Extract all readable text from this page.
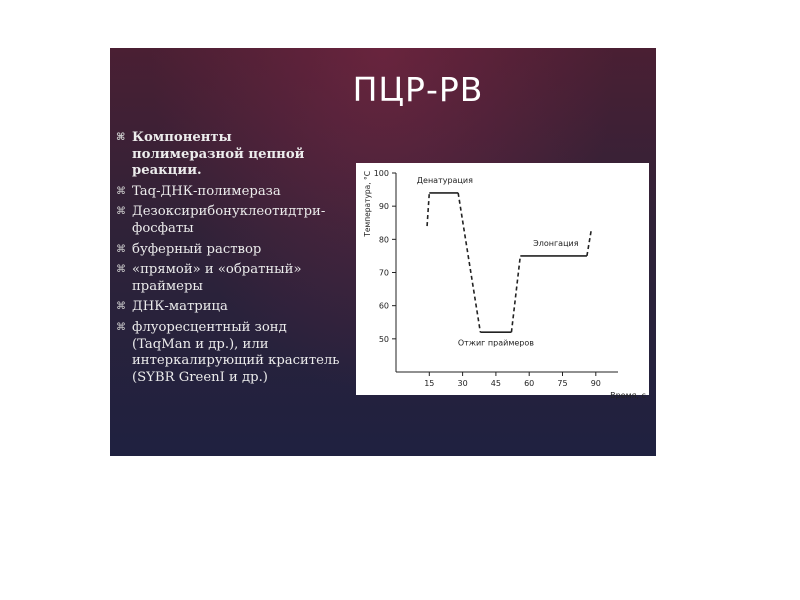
ПЦР-РВ
⌘ Компоненты полимеразной цепной реакции.
⌘ Taq-ДНК-полимераза
⌘ Дезоксирибонуклеотидтри-фосфаты
⌘ буферный раствор
⌘ «прямой» и «обратный» праймеры
⌘ ДНК-матрица
⌘ флуоресцентный зонд (TaqMan и др.), или интеркалирующий краситель (SYBR GreenI и др.)
50
60
70
80
90
100
15	30	45	60	75	90
Температура, °С
Время, с
Денатурация
Отжиг праймеров
Элонгация
